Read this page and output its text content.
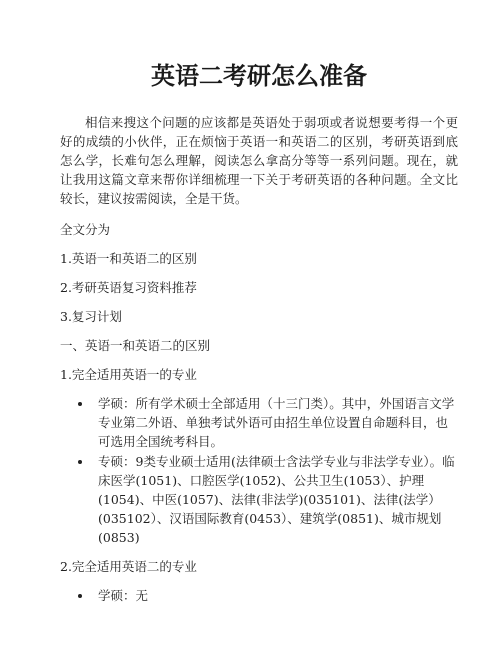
英语二考研怎么准备

相信来搜这个问题的应该都是英语处于弱项或者说想要考得一个更好的成绩的小伙伴，正在烦恼于英语一和英语二的区别，考研英语到底怎么学，长难句怎么理解，阅读怎么拿高分等等一系列问题。现在，就让我用这篇文章来帮你详细梳理一下关于考研英语的各种问题。全文比较长，建议按需阅读，全是干货。

全文分为

1.英语一和英语二的区别

2.考研英语复习资料推荐

3.复习计划

一、英语一和英语二的区别

1.完全适用英语一的专业

学硕：所有学术硕士全部适用（十三门类）。其中，外国语言文学专业第二外语、单独考试外语可由招生单位设置自命题科目，也可选用全国统考科目。
专硕：9类专业硕士适用(法律硕士含法学专业与非法学专业）。临床医学(1051)、口腔医学(1052)、公共卫生(1053）、护理(1054)、中医(1057)、法律(非法学)(035101)、法律(法学）(035102）、汉语国际教育(0453）、建筑学(0851)、城市规划(0853)

2.完全适用英语二的专业

学硕：无
